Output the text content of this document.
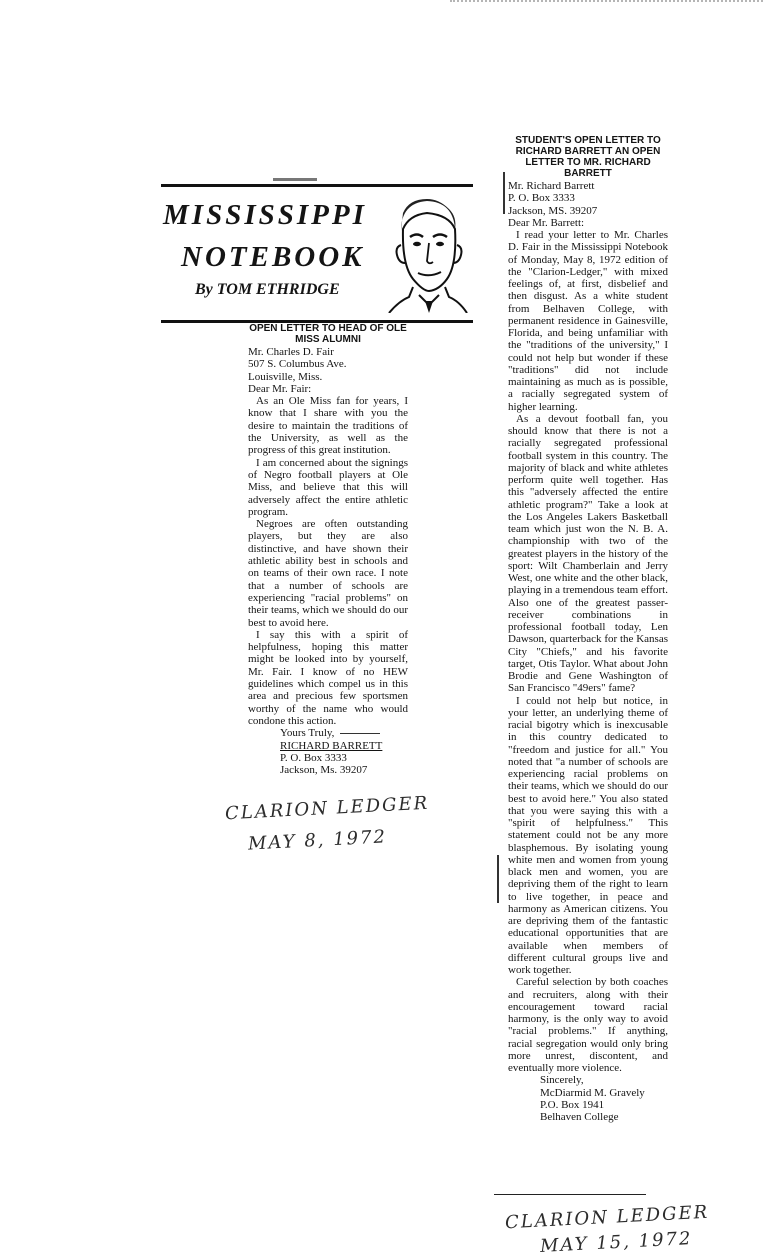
MISSISSIPPI
NOTEBOOK
By TOM ETHRIDGE
OPEN LETTER TO HEAD OF OLE MISS ALUMNI
Mr. Charles D. Fair
507 S. Columbus Ave.
Louisville, Miss.
Dear Mr. Fair:

As an Ole Miss fan for years, I know that I share with you the desire to maintain the traditions of the University, as well as the progress of this great institution.

I am concerned about the signings of Negro football players at Ole Miss, and believe that this will adversely affect the entire athletic program.

Negroes are often outstanding players, but they are also distinctive, and have shown their athletic ability best in schools and on teams of their own race. I note that a number of schools are experiencing "racial problems" on their teams, which we should do our best to avoid here.

I say this with a spirit of helpfulness, hoping this matter might be looked into by yourself, Mr. Fair. I know of no HEW guidelines which compel us in this area and precious few sportsmen worthy of the name who would condone this action.

Yours Truly,
RICHARD BARRETT
P. O. Box 3333
Jackson, Ms. 39207
CLARION LEDGER
MAY 8, 1972
STUDENT'S OPEN LETTER TO RICHARD BARRETT AN OPEN LETTER TO MR. RICHARD BARRETT
Mr. Richard Barrett
P. O. Box 3333
Jackson, MS. 39207
Dear Mr. Barrett:

I read your letter to Mr. Charles D. Fair in the Mississippi Notebook of Monday, May 8, 1972 edition of the "Clarion-Ledger," with mixed feelings of, at first, disbelief and then disgust. As a white student from Belhaven College, with permanent residence in Gainesville, Florida, and being unfamiliar with the "traditions of the university," I could not help but wonder if these "traditions" did not include maintaining as much as is possible, a racially segregated system of higher learning.

As a devout football fan, you should know that there is not a racially segregated professional football system in this country. The majority of black and white athletes perform quite well together. Has this "adversely affected the entire athletic program?" Take a look at the Los Angeles Lakers Basketball team which just won the N. B. A. championship with two of the greatest players in the history of the sport: Wilt Chamberlain and Jerry West, one white and the other black, playing in a tremendous team effort. Also one of the greatest passer-receiver combinations in professional football today, Len Dawson, quarterback for the Kansas City "Chiefs," and his favorite target, Otis Taylor. What about John Brodie and Gene Washington of San Francisco "49ers" fame?

I could not help but notice, in your letter, an underlying theme of racial bigotry which is inexcusable in this country dedicated to "freedom and justice for all." You noted that "a number of schools are experiencing racial problems on their teams, which we should do our best to avoid here." You also stated that you were saying this with a "spirit of helpfulness." This statement could not be any more blasphemous. By isolating young white men and women from young black men and women, you are depriving them of the right to learn to live together, in peace and harmony as American citizens. You are depriving them of the fantastic educational opportunities that are available when members of different cultural groups live and work together.

Careful selection by both coaches and recruiters, along with their encouragement toward racial harmony, is the only way to avoid "racial problems." If anything, racial segregation would only bring more unrest, discontent, and eventually more violence.

Sincerely,
McDiarmid M. Gravely
P.O. Box 1941
Belhaven College
CLARION LEDGER
MAY 15, 1972
